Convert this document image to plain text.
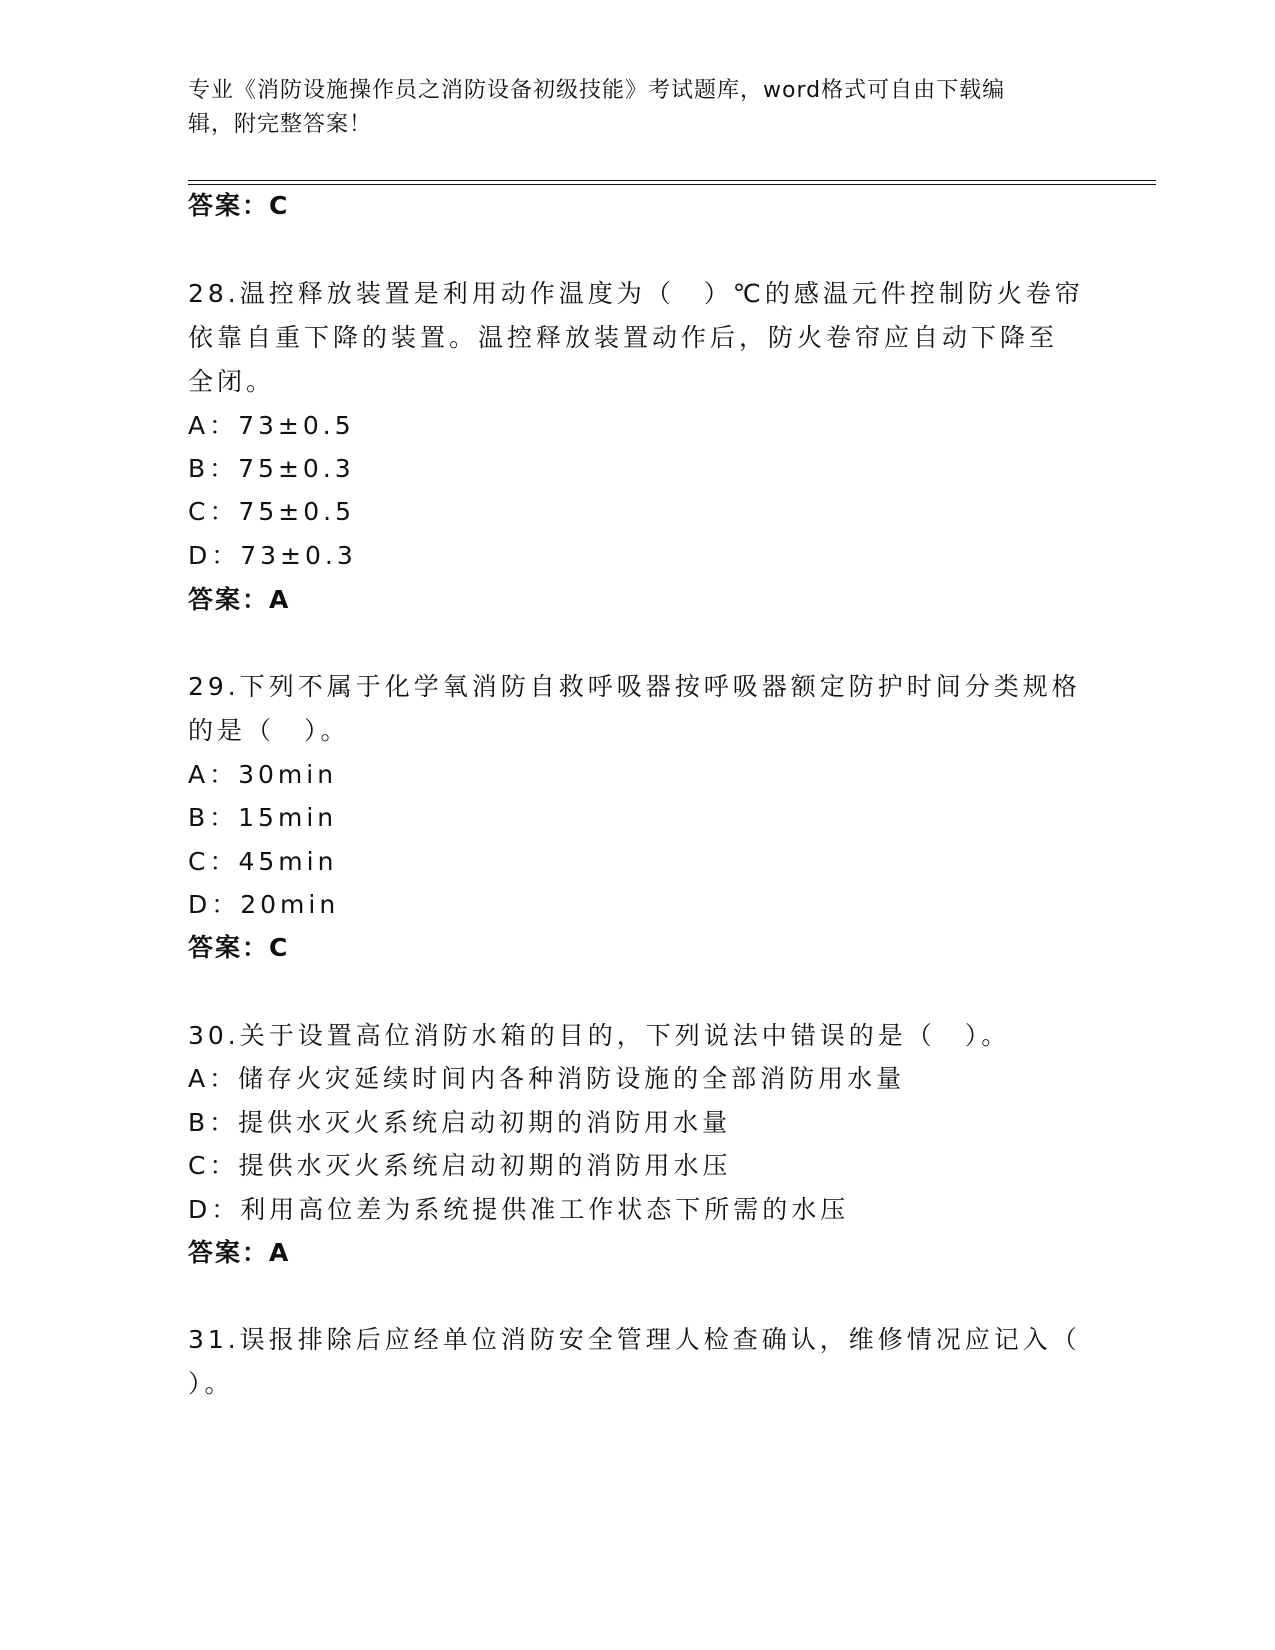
专业《消防设施操作员之消防设备初级技能》考试题库，word格式可自由下载编
辑，附完整答案！
答案：C
28.温控释放装置是利用动作温度为（　）℃的感温元件控制防火卷帘
依靠自重下降的装置。温控释放装置动作后，防火卷帘应自动下降至
全闭。
A：73±0.5
B：75±0.3
C：75±0.5
D：73±0.3
答案：A
29.下列不属于化学氧消防自救呼吸器按呼吸器额定防护时间分类规格
的是（　）。
A：30min
B：15min
C：45min
D：20min
答案：C
30.关于设置高位消防水箱的目的，下列说法中错误的是（　）。
A：储存火灾延续时间内各种消防设施的全部消防用水量
B：提供水灭火系统启动初期的消防用水量
C：提供水灭火系统启动初期的消防用水压
D：利用高位差为系统提供准工作状态下所需的水压
答案：A
31.误报排除后应经单位消防安全管理人检查确认，维修情况应记入（
）。
